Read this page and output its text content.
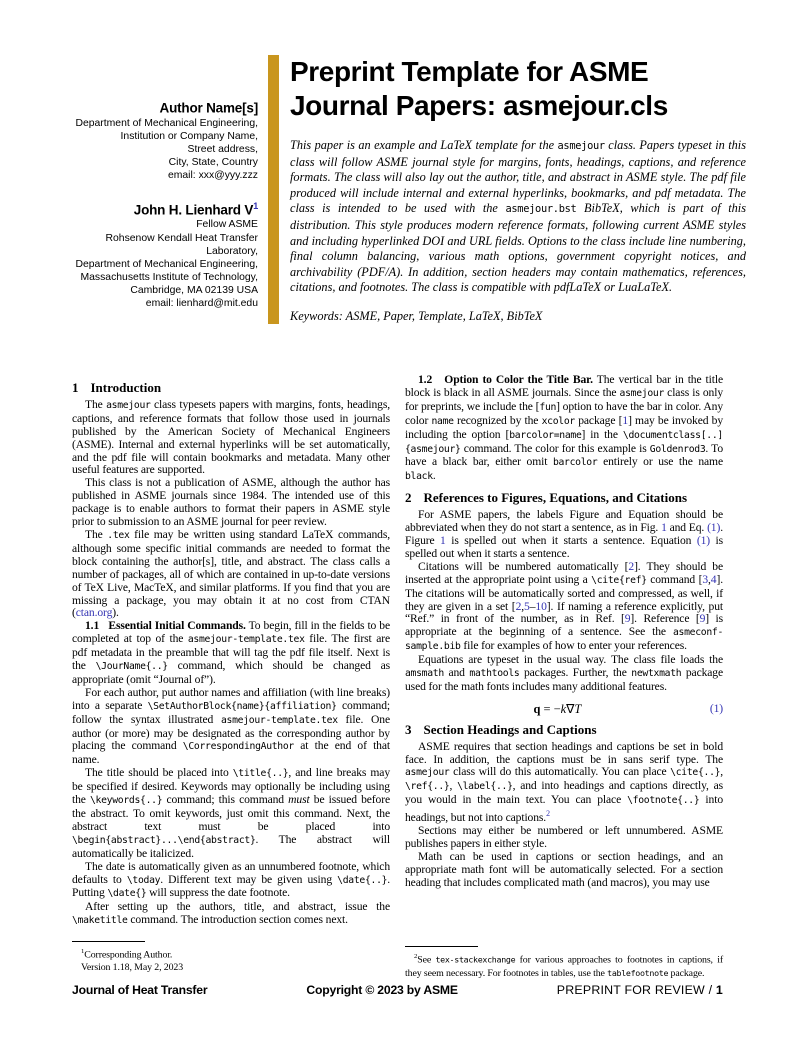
Author Name[s]
Department of Mechanical Engineering,
Institution or Company Name,
Street address,
City, State, Country
email: xxx@yyy.zzz
John H. Lienhard $V^1$
Fellow ASME
Rohsenow Kendall Heat Transfer Laboratory,
Department of Mechanical Engineering,
Massachusetts Institute of Technology,
Cambridge, MA 02139 USA
email: lienhard@mit.edu
Preprint Template for ASME
Journal Papers: asmejour.cls
This paper is an example and LaTeX template for the asmejour class. Papers typeset in this class will follow ASME journal style for margins, fonts, headings, captions, and reference formats. The class will also lay out the author, title, and abstract in ASME style. The pdf file produced will include internal and external hyperlinks, bookmarks, and pdf metadata. The class is intended to be used with the asmejour.bst BibTeX, which is part of this distribution. This style produces modern reference formats, following current ASME styles and including hyperlinked DOI and URL fields. Options to the class include line numbering, final column balancing, various math options, government copyright notices, and archivability (PDF/A). In addition, section headers may contain mathematics, references, citations, and footnotes. The class is compatible with pdfLaTeX or LuaLaTeX.
Keywords: ASME, Paper, Template, LaTeX, BibTeX
1 Introduction

The asmejour class typesets papers with margins, fonts, headings, captions, and reference formats that follow those used in journals published by the American Society of Mechanical Engineers (ASME). Internal and external hyperlinks will be set automatically, and the pdf file will contain bookmarks and metadata. Many other useful features are supported.

This class is not a publication of ASME, although the author has published in ASME journals since 1984. The intended use of this package is to enable authors to format their papers in ASME style prior to submission to an ASME journal for peer review.

The .tex file may be written using standard LaTeX commands, although some specific initial commands are needed to format the block containing the author[s], title, and abstract. The class calls a number of packages, all of which are contained in up-to-date versions of TeX Live, MacTeX, and similar platforms. If you find that you are missing a package, you may obtain it at no cost from CTAN (ctan.org).

1.1   Essential Initial Commands. To begin, fill in the fields to be completed at top of the asmejour-template.tex file. The first are pdf metadata in the preamble that will tag the pdf file itself. Next is the \JourName{..} command, which should be changed as appropriate (omit “Journal of”).

For each author, put author names and affiliation (with line breaks) into a separate \SetAuthorBlock{name}{affiliation} command; follow the syntax illustrated asmejour-template.tex file. One author (or more) may be designated as the corresponding author by placing the command \CorrespondingAuthor at the end of that name.

The title should be placed into \title{..}, and line breaks may be specified if desired. Keywords may optionally be including using the \keywords{..} command; this command must be issued before the abstract. To omit keywords, just omit this command. Next, the abstract text must be placed into \begin{abstract}...\end{abstract}. The abstract will automatically be italicized.

The date is automatically given as an unnumbered footnote, which defaults to \today. Different text may be given using \date{..}. Putting \date{} will suppress the date footnote.

After setting up the authors, title, and abstract, issue the \maketitle command. The introduction section comes next.

$^1$Corresponding Author.
Version 1.18, May 2, 2023

1.2   Option to Color the Title Bar. The vertical bar in the title block is black in all ASME journals. Since the asmejour class is only for preprints, we include the [fun] option to have the bar in color. Any color name recognized by the xcolor package [1] may be invoked by including the option [barcolor=name] in the \documentclass[..]{asmejour} command. The color for this example is Goldenrod3. To have a black bar, either omit barcolor entirely or use the name black.

2 References to Figures, Equations, and Citations

For ASME papers, the labels Figure and Equation should be abbreviated when they do not start a sentence, as in Fig. 1 and Eq. (1). Figure 1 is spelled out when it starts a sentence. Equation (1) is spelled out when it starts a sentence.

Citations will be numbered automatically [2]. They should be inserted at the appropriate point using a \cite{ref} command [3,4]. The citations will be automatically sorted and compressed, as well, if they are given in a set [2,5–10]. If naming a reference explicitly, put “Ref.” in front of the number, as in Ref. [9]. Reference [9] is appropriate at the beginning of a sentence. See the asmeconf-sample.bib file for examples of how to enter your references.

Equations are typeset in the usual way. The class file loads the amsmath and mathtools packages. Further, the newtxmath package used for the math fonts includes many additional features.

q = −k∇T	(1)
3 Section Headings and Captions

ASME requires that section headings and captions be set in bold face. In addition, the captions must be in sans serif type. The asmejour class will do this automatically. You can place \cite{..}, \ref{..}, \label{..}, and into headings and captions directly, as you would in the main text. You can place \footnote{..} into headings, but not into captions.$^2$

Sections may either be numbered or left unnumbered. ASME publishes papers in either style.

Math can be used in captions or section headings, and an appropriate math font will be automatically selected. For a section heading that includes complicated math (and macros), you may use

$^2$See tex-stackexchange for various approaches to footnotes in captions, if they seem necessary. For footnotes in tables, use the tablefootnote package.
Journal of Heat Transfer	Copyright © 2023 by ASME	PREPRINT FOR REVIEW / 1
